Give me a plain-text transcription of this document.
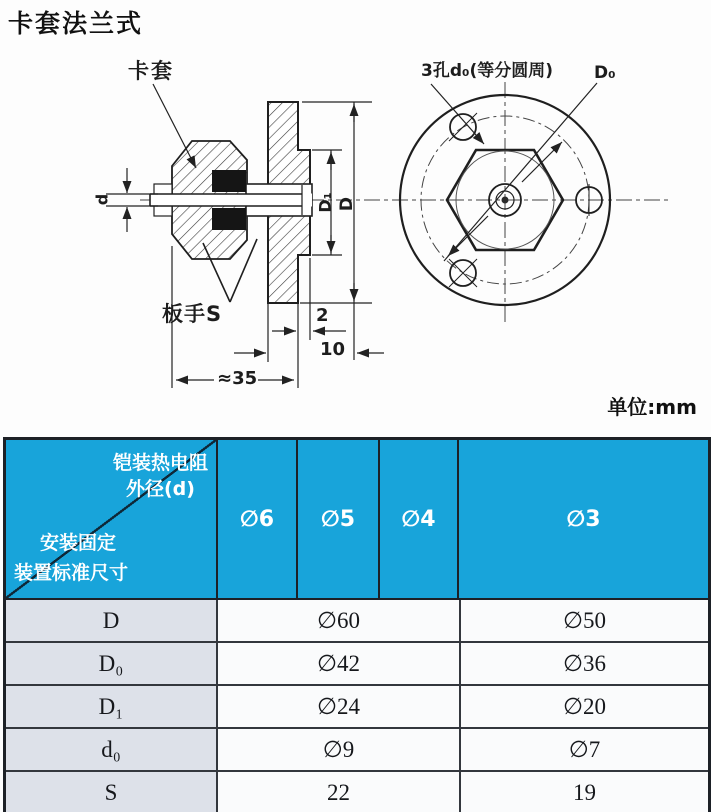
卡套法兰式
卡套	3孔d₀(等分圆周) D₀
板手S	2
10
≈35
d	D₁ D
单位:mm
铠装热电阻
外径(d)
安装固定
装置标准尺寸
∅6	∅5	∅4	∅3
D	∅60	∅50
D₀	∅42	∅36
D₁	∅24	∅20
d₀	∅9	∅7
S	22	19
